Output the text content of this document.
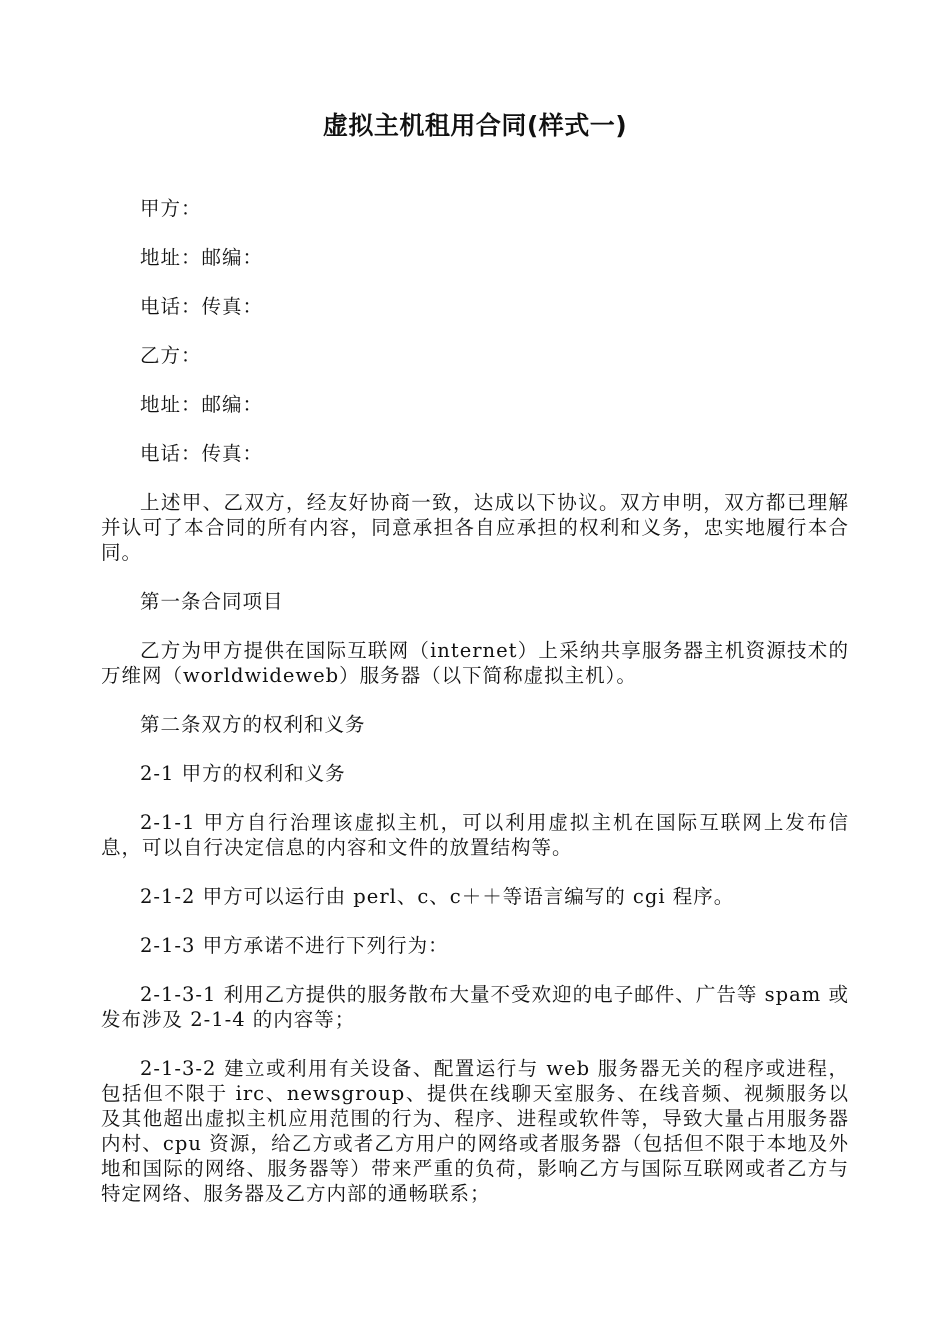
虚拟主机租用合同(样式一)

甲方：

地址：邮编：

电话：传真：

乙方：

地址：邮编：

电话：传真：

上述甲、乙双方，经友好协商一致，达成以下协议。双方申明，双方都已理解并认可了本合同的所有内容，同意承担各自应承担的权利和义务，忠实地履行本合同。

第一条合同项目

乙方为甲方提供在国际互联网（internet）上采纳共享服务器主机资源技术的万维网（worldwideweb）服务器（以下简称虚拟主机）。

第二条双方的权利和义务

2-1 甲方的权利和义务

2-1-1 甲方自行治理该虚拟主机，可以利用虚拟主机在国际互联网上发布信息，可以自行决定信息的内容和文件的放置结构等。

2-1-2 甲方可以运行由 perl、c、c＋＋等语言编写的 cgi 程序。

2-1-3 甲方承诺不进行下列行为：

2-1-3-1 利用乙方提供的服务散布大量不受欢迎的电子邮件、广告等 spam 或发布涉及 2-1-4 的内容等；

2-1-3-2 建立或利用有关设备、配置运行与 web 服务器无关的程序或进程，包括但不限于 irc、newsgroup、提供在线聊天室服务、在线音频、视频服务以及其他超出虚拟主机应用范围的行为、程序、进程或软件等，导致大量占用服务器内村、cpu 资源，给乙方或者乙方用户的网络或者服务器（包括但不限于本地及外地和国际的网络、服务器等）带来严重的负荷，影响乙方与国际互联网或者乙方与特定网络、服务器及乙方内部的通畅联系；
